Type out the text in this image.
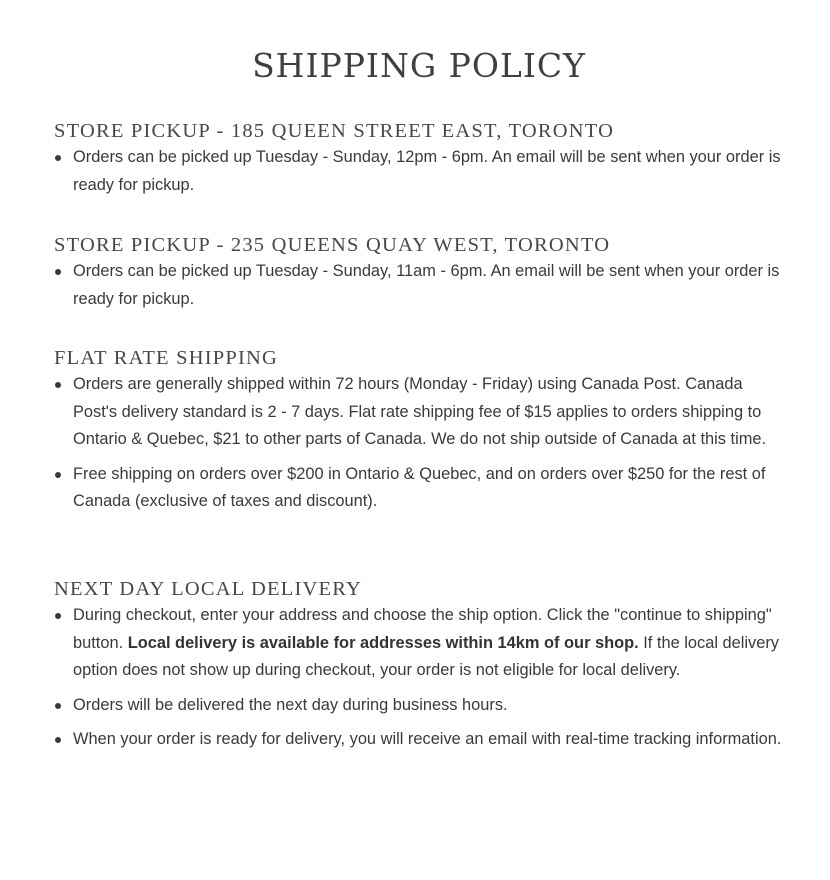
SHIPPING POLICY
STORE PICKUP - 185 QUEEN STREET EAST, TORONTO
Orders can be picked up Tuesday - Sunday, 12pm - 6pm. An email will be sent when your order is ready for pickup.
STORE PICKUP - 235 QUEENS QUAY WEST, TORONTO
Orders can be picked up Tuesday - Sunday, 11am - 6pm. An email will be sent when your order is ready for pickup.
FLAT RATE SHIPPING
Orders are generally shipped within 72 hours (Monday - Friday) using Canada Post. Canada Post's delivery standard is 2 - 7 days. Flat rate shipping fee of $15 applies to orders shipping to Ontario & Quebec, $21 to other parts of Canada. We do not ship outside of Canada at this time.
Free shipping on orders over $200 in Ontario & Quebec, and on orders over $250 for the rest of Canada (exclusive of taxes and discount).
NEXT DAY LOCAL DELIVERY
During checkout, enter your address and choose the ship option. Click the "continue to shipping" button. Local delivery is available for addresses within 14km of our shop. If the local delivery option does not show up during checkout, your order is not eligible for local delivery.
Orders will be delivered the next day during business hours.
When your order is ready for delivery, you will receive an email with real-time tracking information.
